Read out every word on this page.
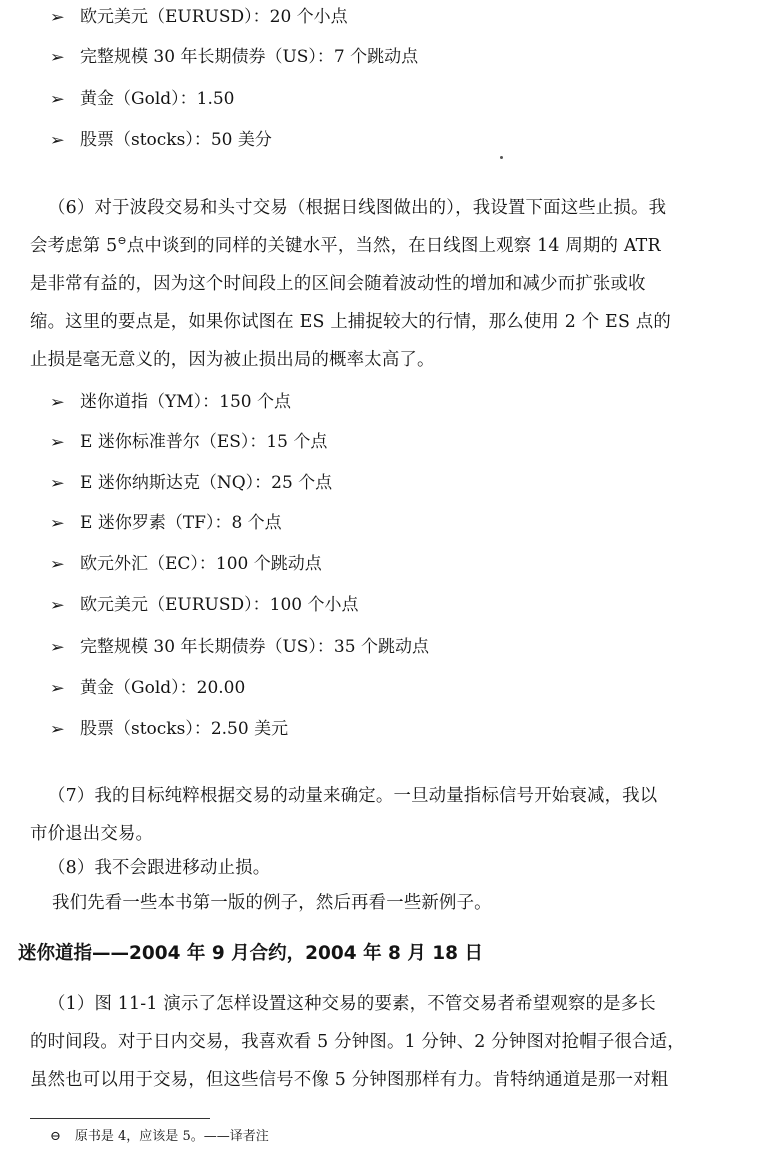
➢ 欧元美元（EURUSD）：20 个小点
➢ 完整规模 30 年长期债券（US）：7 个跳动点
➢ 黄金（Gold）：1.50
➢ 股票（stocks）：50 美分
（6）对于波段交易和头寸交易（根据日线图做出的），我设置下面这些止损。我
会考虑第 5⊖点中谈到的同样的关键水平，当然，在日线图上观察 14 周期的 ATR
是非常有益的，因为这个时间段上的区间会随着波动性的增加和减少而扩张或收
缩。这里的要点是，如果你试图在 ES 上捕捉较大的行情，那么使用 2 个 ES 点的
止损是毫无意义的，因为被止损出局的概率太高了。
➢ 迷你道指（YM）：150 个点
➢ E 迷你标准普尔（ES）：15 个点
➢ E 迷你纳斯达克（NQ）：25 个点
➢ E 迷你罗素（TF）：8 个点
➢ 欧元外汇（EC）：100 个跳动点
➢ 欧元美元（EURUSD）：100 个小点
➢ 完整规模 30 年长期债券（US）：35 个跳动点
➢ 黄金（Gold）：20.00
➢ 股票（stocks）：2.50 美元
（7）我的目标纯粹根据交易的动量来确定。一旦动量指标信号开始衰减，我以
市价退出交易。
（8）我不会跟进移动止损。
我们先看一些本书第一版的例子，然后再看一些新例子。
迷你道指——2004 年 9 月合约，2004 年 8 月 18 日
（1）图 11-1 演示了怎样设置这种交易的要素，不管交易者希望观察的是多长
的时间段。对于日内交易，我喜欢看 5 分钟图。1 分钟、2 分钟图对抢帽子很合适，
虽然也可以用于交易，但这些信号不像 5 分钟图那样有力。肯特纳通道是那一对粗
⊖ 原书是 4，应该是 5。——译者注
